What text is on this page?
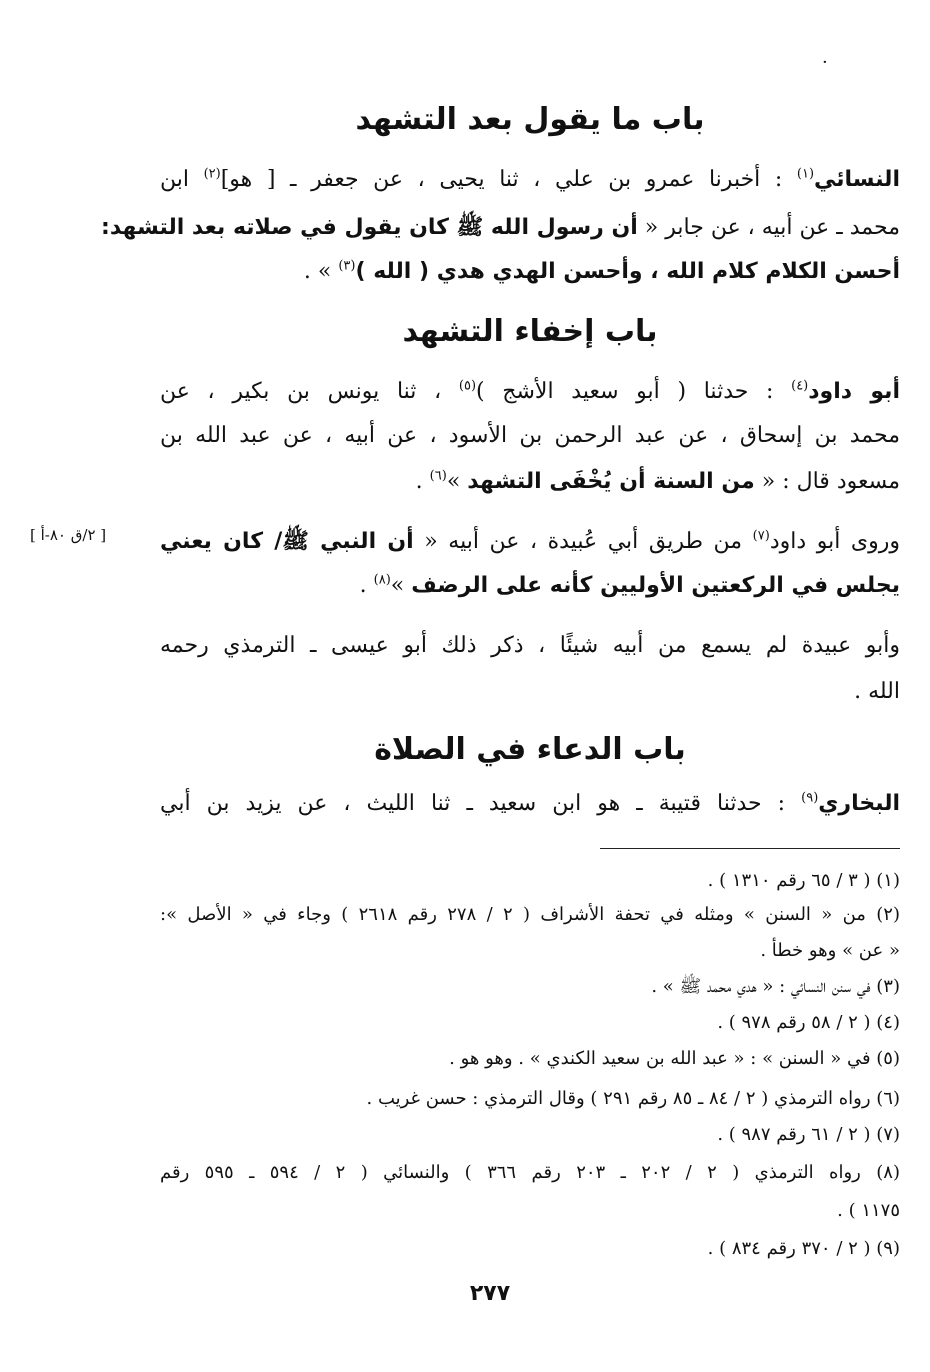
·
باب ما يقول بعد التشهد
النسائي$^{(١)}$ : أخبرنا عمرو بن علي ، ثنا يحيى ، عن جعفر ـ [ هو]$^{(٢)}$ ابن
محمد ـ عن أبيه ، عن جابر « أن رسول الله ﷺ كان يقول في صلاته بعد التشهد:
أحسن الكلام كلام الله ، وأحسن الهدي هدي ( الله )$^{(٣)}$ » .
باب إخفاء التشهد
أبو داود$^{(٤)}$ : حدثنا ( أبو سعيد الأشج )$^{(٥)}$ ، ثنا يونس بن بكير ، عن
محمد بن إسحاق ، عن عبد الرحمن بن الأسود ، عن أبيه ، عن عبد الله بن
مسعود قال : « من السنة أن يُخْفَى التشهد »$^{(٦)}$ .
[ ٢/ق ٨٠-أ ]	وروى أبو داود$^{(٧)}$ من طريق أبي عُبيدة ، عن أبيه « أن النبي ﷺ/ كان يعني
يجلس في الركعتين الأوليين كأنه على الرضف »$^{(٨)}$ .
وأبو عبيدة لم يسمع من أبيه شيئًا ، ذكر ذلك أبو عيسى ـ الترمذي رحمه
الله .
باب الدعاء في الصلاة
البخاري$^{(٩)}$ : حدثنا قتيبة ـ هو ابن سعيد ـ ثنا الليث ، عن يزيد بن أبي
(١) ( ٣ / ٦٥ رقم ١٣١٠ ) .
(٢) من « السنن » ومثله في تحفة الأشراف ( ٢ / ٢٧٨ رقم ٢٦١٨ ) وجاء في « الأصل »:
« عن » وهو خطأ .
(٣) في سنن النسائي : « هدي محمد ﷺ » .
(٤) ( ٢ / ٥٨ رقم ٩٧٨ ) .
(٥) في « السنن » : « عبد الله بن سعيد الكندي » . وهو هو .
(٦) رواه الترمذي ( ٢ / ٨٤ ـ ٨٥ رقم ٢٩١ ) وقال الترمذي : حسن غريب .
(٧) ( ٢ / ٦١ رقم ٩٨٧ ) .
(٨) رواه الترمذي ( ٢ / ٢٠٢ ـ ٢٠٣ رقم ٣٦٦ ) والنسائي ( ٢ / ٥٩٤ ـ ٥٩٥ رقم
١١٧٥ ) .
(٩) ( ٢ / ٣٧٠ رقم ٨٣٤ ) .
٢٧٧
